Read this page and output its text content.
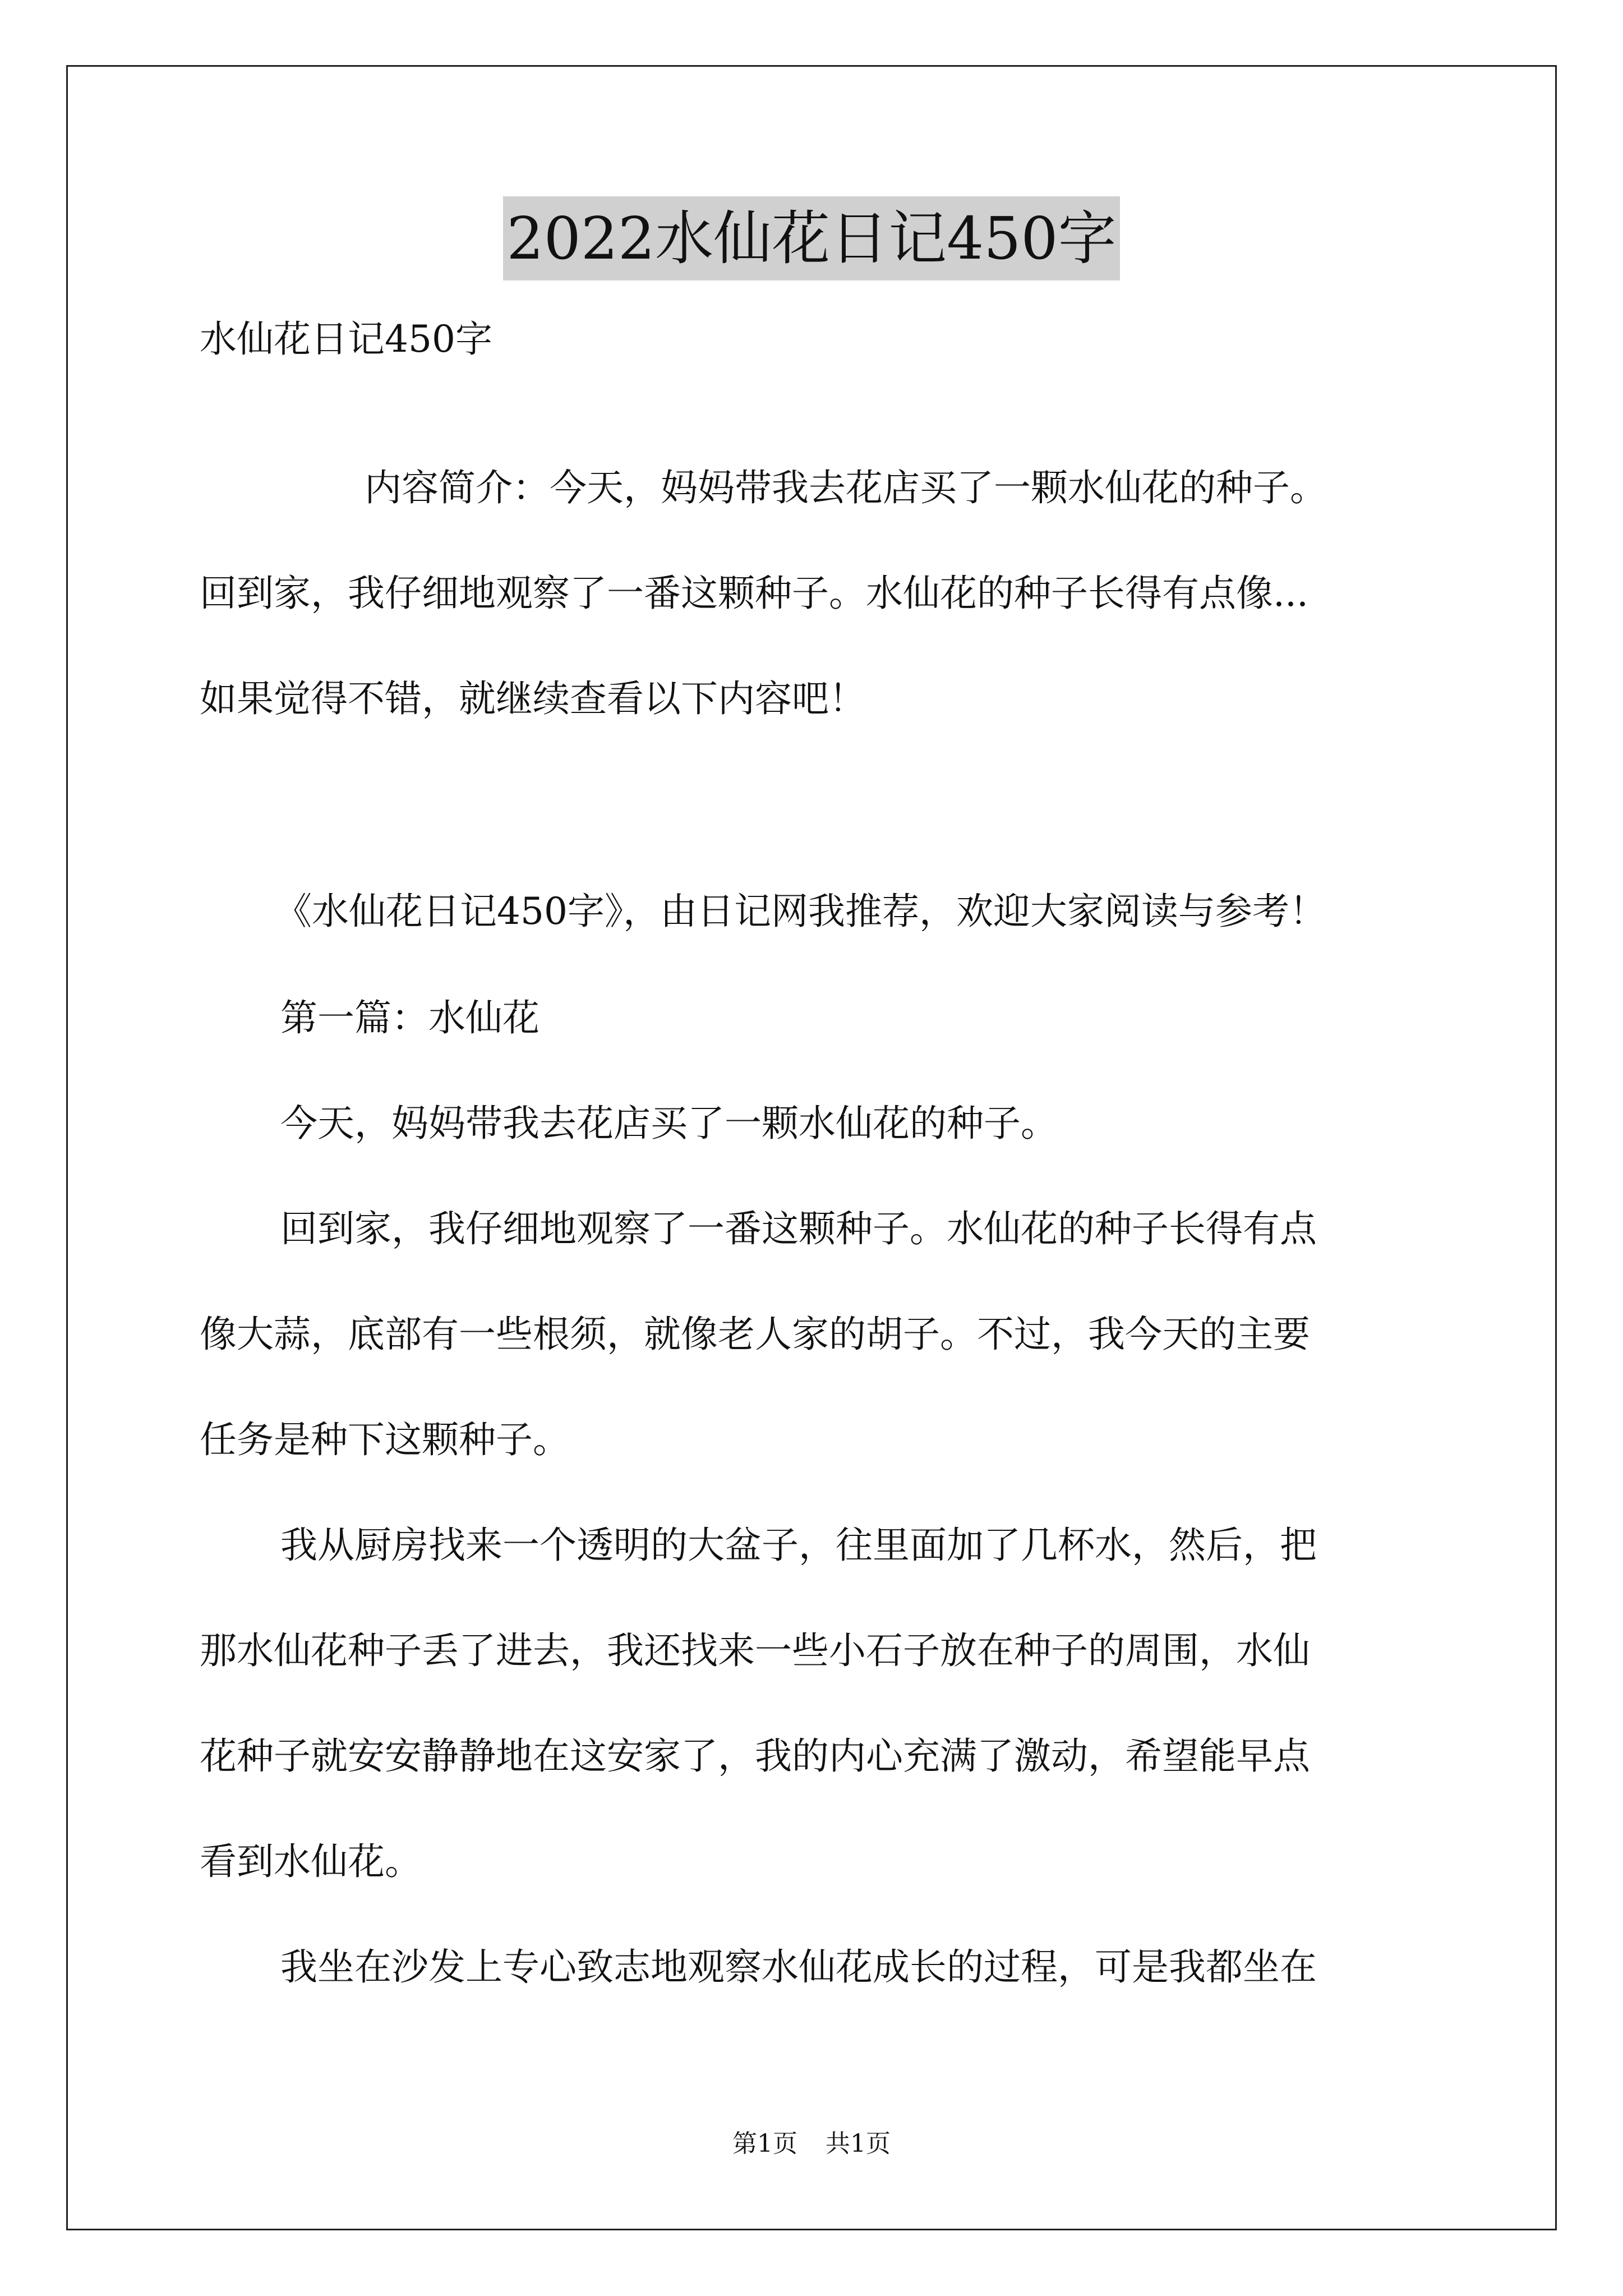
2022水仙花日记450字
水仙花日记450字
内容简介：今天，妈妈带我去花店买了一颗水仙花的种子。
回到家，我仔细地观察了一番这颗种子。水仙花的种子长得有点像...
如果觉得不错，就继续查看以下内容吧！
《水仙花日记450字》，由日记网我推荐，欢迎大家阅读与参考！
第一篇：水仙花
今天，妈妈带我去花店买了一颗水仙花的种子。
回到家，我仔细地观察了一番这颗种子。水仙花的种子长得有点
像大蒜，底部有一些根须，就像老人家的胡子。不过，我今天的主要
任务是种下这颗种子。
我从厨房找来一个透明的大盆子，往里面加了几杯水，然后，把
那水仙花种子丢了进去，我还找来一些小石子放在种子的周围，水仙
花种子就安安静静地在这安家了，我的内心充满了激动，希望能早点
看到水仙花。
我坐在沙发上专心致志地观察水仙花成长的过程，可是我都坐在
第1页 共1页
